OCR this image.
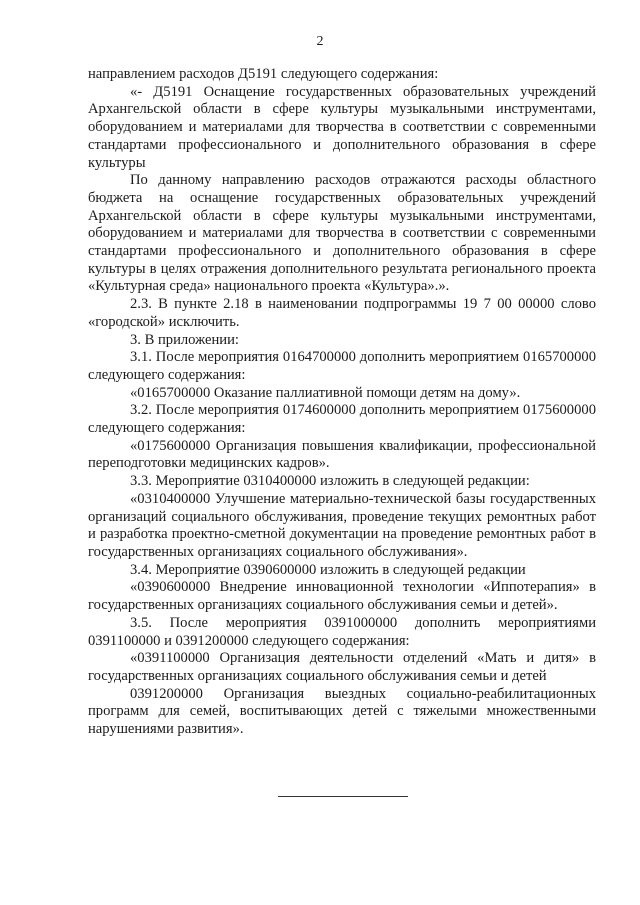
2

направлением расходов Д5191 следующего содержания:

«- Д5191 Оснащение государственных образовательных учреждений Архангельской области в сфере культуры музыкальными инструментами, оборудованием и материалами для творчества в соответствии с современными стандартами профессионального и дополнительного образования в сфере культуры

По данному направлению расходов отражаются расходы областного бюджета на оснащение государственных образовательных учреждений Архангельской области в сфере культуры музыкальными инструментами, оборудованием и материалами для творчества в соответствии с современными стандартами профессионального и дополнительного образования в сфере культуры в целях отражения дополнительного результата регионального проекта «Культурная среда» национального проекта «Культура».».

2.3. В пункте 2.18 в наименовании подпрограммы 19 7 00 00000 слово «городской» исключить.

3. В приложении:

3.1. После мероприятия 0164700000 дополнить мероприятием 0165700000 следующего содержания:

«0165700000 Оказание паллиативной помощи детям на дому».

3.2. После мероприятия 0174600000 дополнить мероприятием 0175600000 следующего содержания:

«0175600000 Организация повышения квалификации, профессиональной переподготовки медицинских кадров».

3.3. Мероприятие 0310400000 изложить в следующей редакции:

«0310400000 Улучшение материально-технической базы государственных организаций социального обслуживания, проведение текущих ремонтных работ и разработка проектно-сметной документации на проведение ремонтных работ в государственных организациях социального обслуживания».

3.4. Мероприятие 0390600000 изложить в следующей редакции

«0390600000 Внедрение инновационной технологии «Иппотерапия» в государственных организациях социального обслуживания семьи и детей».

3.5. После мероприятия 0391000000 дополнить мероприятиями 0391100000 и 0391200000 следующего содержания:

«0391100000 Организация деятельности отделений «Мать и дитя» в государственных организациях социального обслуживания семьи и детей

0391200000 Организация выездных социально-реабилитационных программ для семей, воспитывающих детей с тяжелыми множественными нарушениями развития».
